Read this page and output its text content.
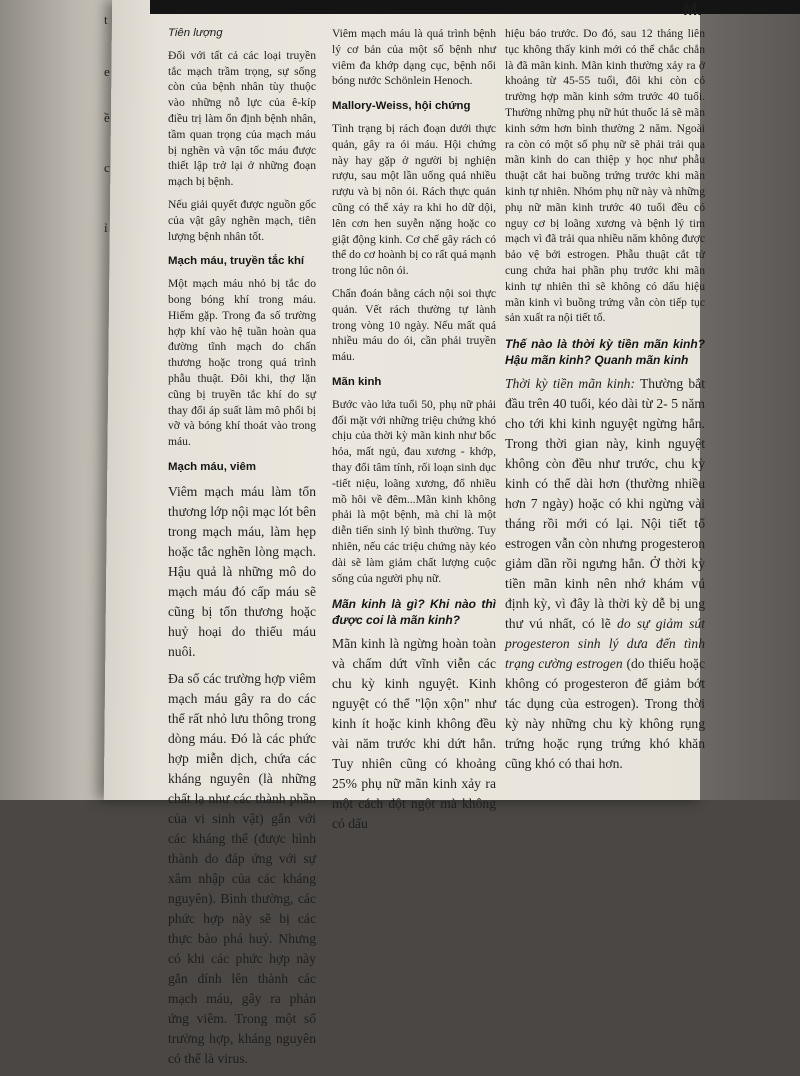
t
e
ề
c
ỉ
M.

Tiên lượng

Đối với tất cả các loại truyền tắc mạch trầm trọng, sự sống còn của bệnh nhân tùy thuộc vào những nỗ lực của ê-kíp điều trị làm ổn định bệnh nhân, tầm quan trọng của mạch máu bị nghẽn và vận tốc máu được thiết lập trở lại ở những đoạn mạch bị bệnh.

Nếu giải quyết được nguồn gốc của vật gây nghẽn mạch, tiên lượng bệnh nhân tốt.

Mạch máu, truyền tắc khí

Một mạch máu nhỏ bị tắc do bong bóng khí trong máu. Hiếm gặp. Trong đa số trường hợp khí vào hệ tuần hoàn qua đường tĩnh mạch do chấn thương hoặc trong quá trình phẫu thuật. Đôi khi, thợ lặn cũng bị truyền tắc khí do sự thay đổi áp suất làm mô phổi bị vỡ và bóng khí thoát vào trong máu.

Mạch máu, viêm

Viêm mạch máu làm tổn thương lớp nội mạc lót bên trong mạch máu, làm hẹp hoặc tắc nghẽn lòng mạch. Hậu quả là những mô do mạch máu đó cấp máu sẽ cũng bị tổn thương hoặc huỷ hoại do thiếu máu nuôi.

Đa số các trường hợp viêm mạch máu gây ra do các thể rất nhỏ lưu thông trong dòng máu. Đó là các phức hợp miễn dịch, chứa các kháng nguyên (là những chất lạ như các thành phần của vi sinh vật) gắn với các kháng thể (được hình thành do đáp ứng với sự xâm nhập của các kháng nguyên). Bình thường, các phức hợp này sẽ bị các thực bào phá huỷ. Nhưng có khi các phức hợp này gắn dính lên thành các mạch máu, gây ra phản ứng viêm. Trong một số trường hợp, kháng nguyên có thể là virus.

Viêm mạch máu là quá trình bệnh lý cơ bản của một số bệnh như viêm đa khớp dạng cục, bệnh nổi bóng nước Schönlein Henoch.

Mallory-Weiss, hội chứng

Tình trạng bị rách đoạn dưới thực quản, gây ra ói máu. Hội chứng này hay gặp ở người bị nghiện rượu, sau một lần uống quá nhiều rượu và bị nôn ói. Rách thực quản cũng có thể xảy ra khi ho dữ dội, lên cơn hen suyễn nặng hoặc co giật động kinh. Cơ chế gây rách có thể do cơ hoành bị co rất quá mạnh trong lúc nôn ói.

Chẩn đoán bằng cách nội soi thực quản. Vết rách thường tự lành trong vòng 10 ngày. Nếu mất quá nhiều máu do ói, cần phải truyền máu.

Mãn kinh

Bước vào lứa tuổi 50, phụ nữ phải đối mặt với những triệu chứng khó chịu của thời kỳ mãn kinh như bốc hỏa, mất ngủ, đau xương - khớp, thay đổi tâm tính, rối loạn sinh dục -tiết niệu, loãng xương, đổ nhiều mồ hôi về đêm...Mãn kinh không phải là một bệnh, mà chỉ là một diễn tiến sinh lý bình thường. Tuy nhiên, nếu các triệu chứng này kéo dài sẽ làm giảm chất lượng cuộc sống của người phụ nữ.

Mãn kinh là gì? Khi nào thì được coi là mãn kinh?

Mãn kinh là ngừng hoàn toàn và chấm dứt vĩnh viễn các chu kỳ kinh nguyệt. Kinh nguyệt có thể "lộn xộn" như kinh ít hoặc kinh không đều vài năm trước khi dứt hẳn. Tuy nhiên cũng có khoảng 25% phụ nữ mãn kinh xảy ra một cách đột ngột mà không có dấu

hiệu báo trước. Do đó, sau 12 tháng liên tục không thấy kinh mới có thể chắc chắn là đã mãn kinh. Mãn kinh thường xảy ra ở khoảng từ 45-55 tuổi, đôi khi còn có trường hợp mãn kinh sớm trước 40 tuổi. Thường những phụ nữ hút thuốc lá sẽ mãn kinh sớm hơn bình thường 2 năm. Ngoài ra còn có một số phụ nữ sẽ phải trải qua mãn kinh do can thiệp y học như phẫu thuật cắt hai buồng trứng trước khi mãn kinh tự nhiên. Nhóm phụ nữ này và những phụ nữ mãn kinh trước 40 tuổi đều có nguy cơ bị loãng xương và bệnh lý tim mạch vì đã trải qua nhiều năm không được bảo vệ bởi estrogen. Phẫu thuật cắt tử cung chứa hai phần phụ trước khi mãn kinh tự nhiên thì sẽ không có dấu hiệu mãn kinh vì buồng trứng vẫn còn tiếp tục sản xuất ra nội tiết tố.

Thế nào là thời kỳ tiền mãn kinh? Hậu mãn kinh? Quanh mãn kinh

Thời kỳ tiền mãn kinh: Thường bắt đầu trên 40 tuổi, kéo dài từ 2- 5 năm cho tới khi kinh nguyệt ngừng hẳn. Trong thời gian này, kinh nguyệt không còn đều như trước, chu kỳ kinh có thể dài hơn (thường nhiều hơn 7 ngày) hoặc có khi ngừng vài tháng rồi mới có lại. Nội tiết tố estrogen vẫn còn nhưng progesteron giảm dần rồi ngưng hẳn. Ở thời kỳ tiền mãn kinh nên nhớ khám vú định kỳ, vì đây là thời kỳ dễ bị ung thư vú nhất, có lẽ do sự giảm sút progesteron sinh lý dưa đến tình trạng cường estrogen (do thiếu hoặc không có progesteron để giảm bớt tác dụng của estrogen). Trong thời kỳ này những chu kỳ không rụng trứng hoặc rụng trứng khó khăn cũng khó có thai hơn.
